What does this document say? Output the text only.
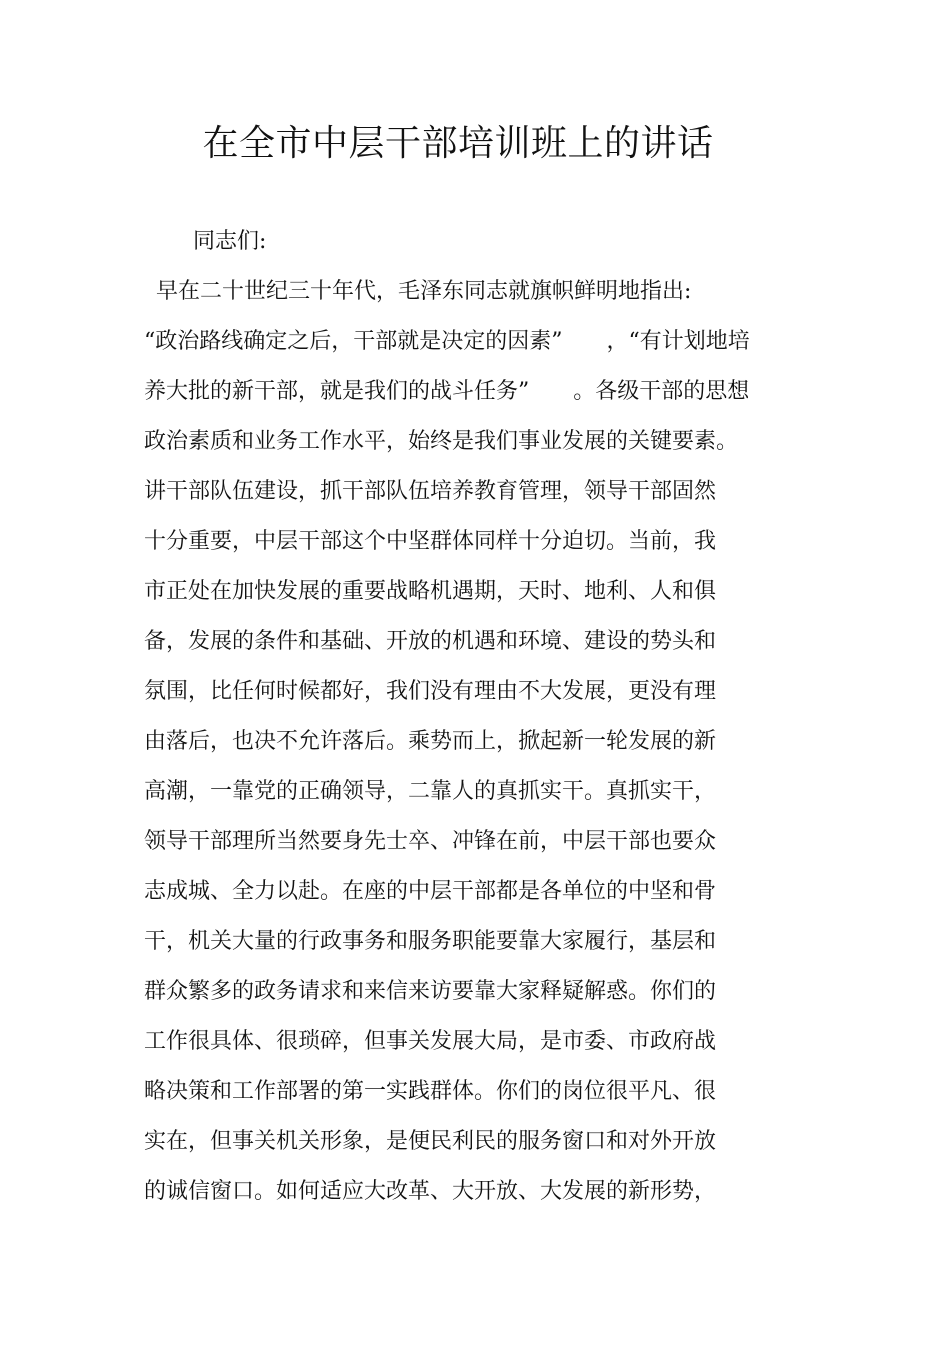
在全市中层干部培训班上的讲话
同志们:
早在二十世纪三十年代，毛泽东同志就旗帜鲜明地指出:
“政治路线确定之后，干部就是决定的因素”　　，“有计划地培
养大批的新干部，就是我们的战斗任务”　　。各级干部的思想
政治素质和业务工作水平，始终是我们事业发展的关键要素。
讲干部队伍建设，抓干部队伍培养教育管理，领导干部固然
十分重要，中层干部这个中坚群体同样十分迫切。当前，我
市正处在加快发展的重要战略机遇期，天时、地利、人和俱
备，发展的条件和基础、开放的机遇和环境、建设的势头和
氛围，比任何时候都好，我们没有理由不大发展，更没有理
由落后，也决不允许落后。乘势而上，掀起新一轮发展的新
高潮，一靠党的正确领导，二靠人的真抓实干。真抓实干，
领导干部理所当然要身先士卒、冲锋在前，中层干部也要众
志成城、全力以赴。在座的中层干部都是各单位的中坚和骨
干，机关大量的行政事务和服务职能要靠大家履行，基层和
群众繁多的政务请求和来信来访要靠大家释疑解惑。你们的
工作很具体、很琐碎，但事关发展大局，是市委、市政府战
略决策和工作部署的第一实践群体。你们的岗位很平凡、很
实在，但事关机关形象，是便民利民的服务窗口和对外开放
的诚信窗口。如何适应大改革、大开放、大发展的新形势，
